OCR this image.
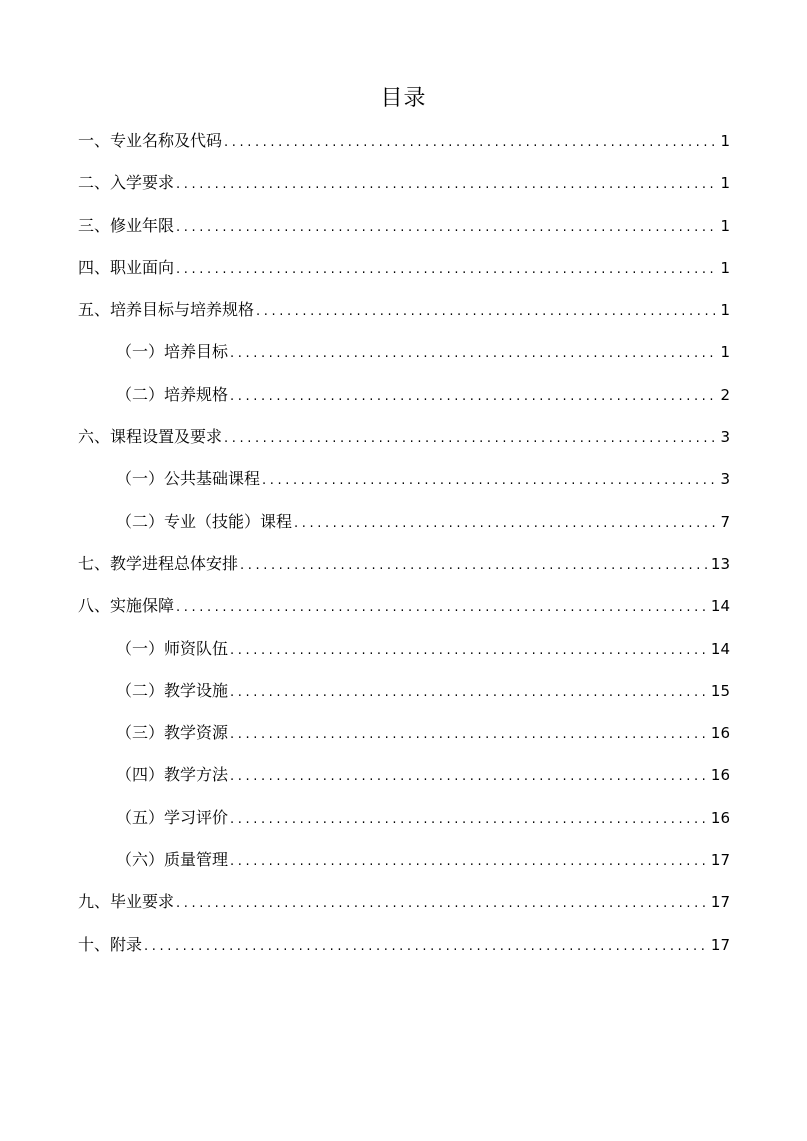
目录
一、专业名称及代码 .....	1
二、入学要求 .....	1
三、修业年限 .....	1
四、职业面向 .....	1
五、培养目标与培养规格 .....	1
（一）培养目标 .....	1
（二）培养规格 .....	2
六、课程设置及要求 .....	3
（一）公共基础课程 .....	3
（二）专业（技能）课程 .....	7
七、教学进程总体安排 .....	13
八、实施保障 .....	14
（一）师资队伍 .....	14
（二）教学设施 .....	15
（三）教学资源 .....	16
（四）教学方法 .....	16
（五）学习评价 .....	16
（六）质量管理 .....	17
九、毕业要求 .....	17
十、附录 .....	17
